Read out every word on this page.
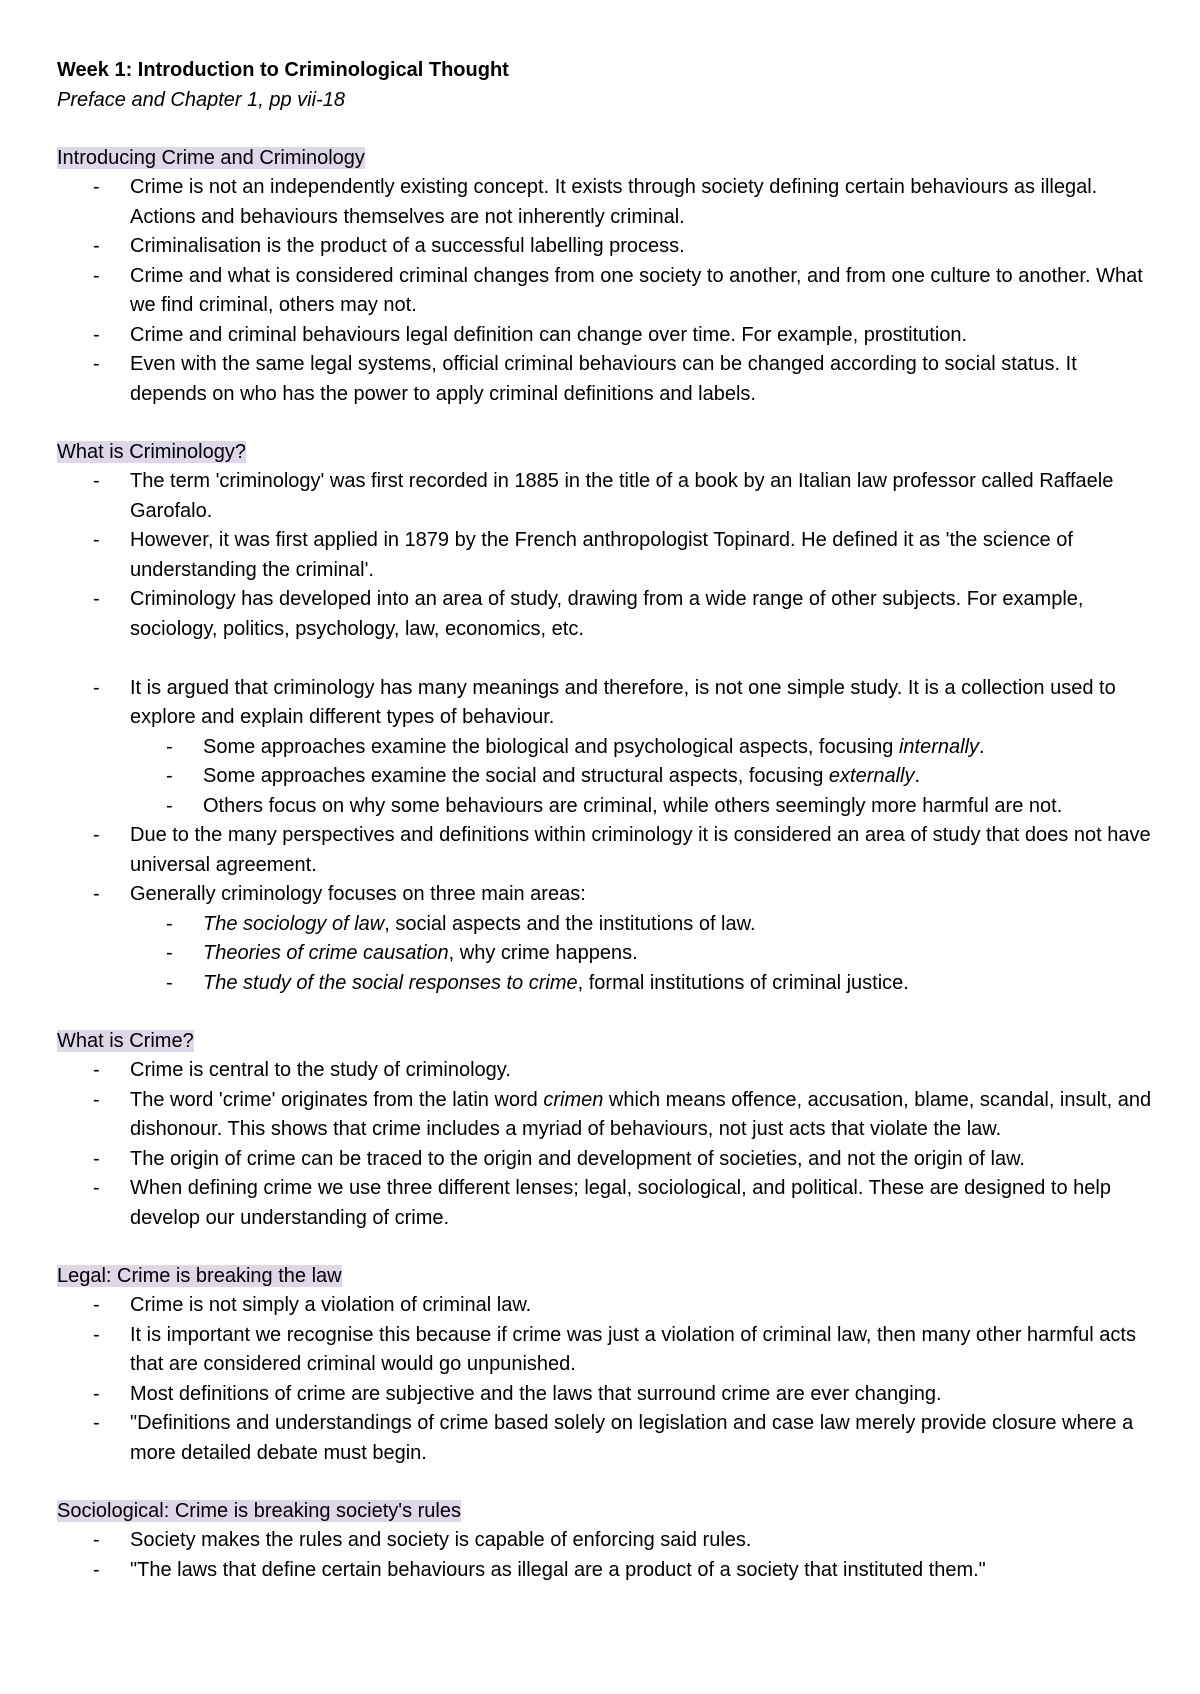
Week 1: Introduction to Criminological Thought

Preface and Chapter 1, pp vii-18

Introducing Crime and Criminology
- Crime is not an independently existing concept. It exists through society defining certain behaviours as illegal. Actions and behaviours themselves are not inherently criminal.
- Criminalisation is the product of a successful labelling process.
- Crime and what is considered criminal changes from one society to another, and from one culture to another. What we find criminal, others may not.
- Crime and criminal behaviours legal definition can change over time. For example, prostitution.
- Even with the same legal systems, official criminal behaviours can be changed according to social status. It depends on who has the power to apply criminal definitions and labels.
What is Criminology?
- The term 'criminology' was first recorded in 1885 in the title of a book by an Italian law professor called Raffaele Garofalo.
- However, it was first applied in 1879 by the French anthropologist Topinard. He defined it as 'the science of understanding the criminal'.
- Criminology has developed into an area of study, drawing from a wide range of other subjects. For example, sociology, politics, psychology, law, economics, etc.
- It is argued that criminology has many meanings and therefore, is not one simple study. It is a collection used to explore and explain different types of behaviour.
- Some approaches examine the biological and psychological aspects, focusing internally.
- Some approaches examine the social and structural aspects, focusing externally.
- Others focus on why some behaviours are criminal, while others seemingly more harmful are not.
- Due to the many perspectives and definitions within criminology it is considered an area of study that does not have universal agreement.
- Generally criminology focuses on three main areas:
- The sociology of law, social aspects and the institutions of law.
- Theories of crime causation, why crime happens.
- The study of the social responses to crime, formal institutions of criminal justice.
What is Crime?
- Crime is central to the study of criminology.
- The word 'crime' originates from the latin word crimen which means offence, accusation, blame, scandal, insult, and dishonour. This shows that crime includes a myriad of behaviours, not just acts that violate the law.
- The origin of crime can be traced to the origin and development of societies, and not the origin of law.
- When defining crime we use three different lenses; legal, sociological, and political. These are designed to help develop our understanding of crime.
Legal: Crime is breaking the law
- Crime is not simply a violation of criminal law.
- It is important we recognise this because if crime was just a violation of criminal law, then many other harmful acts that are considered criminal would go unpunished.
- Most definitions of crime are subjective and the laws that surround crime are ever changing.
- "Definitions and understandings of crime based solely on legislation and case law merely provide closure where a more detailed debate must begin.
Sociological: Crime is breaking society's rules
- Society makes the rules and society is capable of enforcing said rules.
- "The laws that define certain behaviours as illegal are a product of a society that instituted them."
